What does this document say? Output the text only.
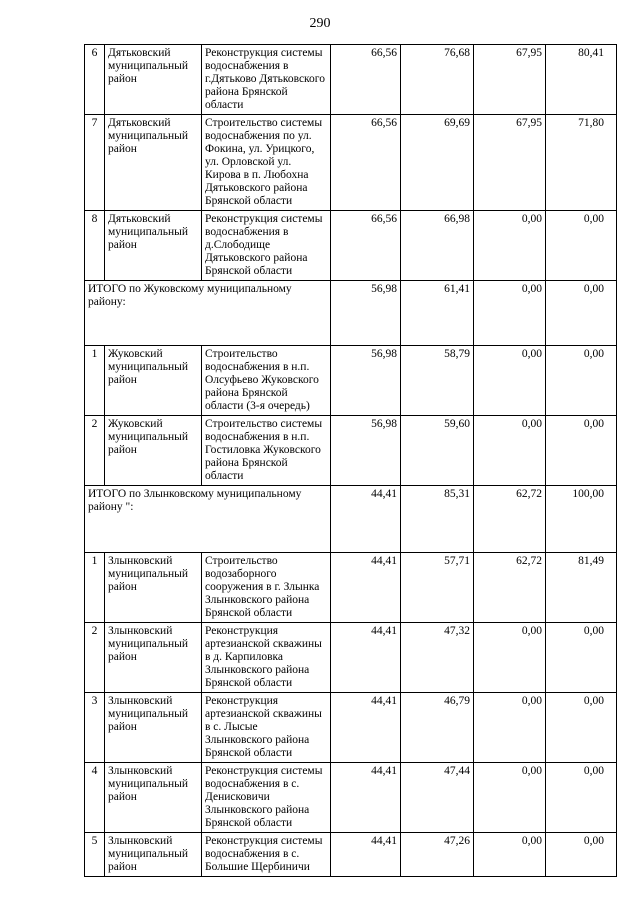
290
6	Дятьковский муниципальный район	Реконструкция системы водоснабжения в г.Дятьково Дятьковского района Брянской области	66,56	76,68	67,95	80,41
7	Дятьковский муниципальный район	Строительство системы водоснабжения по ул. Фокина, ул. Урицкого, ул. Орловской ул. Кирова в п. Любохна Дятьковского района Брянской области	66,56	69,69	67,95	71,80
8	Дятьковский муниципальный район	Реконструкция системы водоснабжения в д.Слободище Дятьковского района Брянской области	66,56	66,98	0,00	0,00
ИТОГО по Жуковскому муниципальному району:			56,98	61,41	0,00	0,00
1	Жуковский муниципальный район	Строительство водоснабжения в н.п. Олсуфьево Жуковского района Брянской области (3-я очередь)	56,98	58,79	0,00	0,00
2	Жуковский муниципальный район	Строительство системы водоснабжения в н.п. Гостиловка Жуковского района Брянской области	56,98	59,60	0,00	0,00
ИТОГО по Злынковскому муниципальному району ":			44,41	85,31	62,72	100,00
1	Злынковский муниципальный район	Строительство водозаборного сооружения в г. Злынка Злынковского района Брянской области	44,41	57,71	62,72	81,49
2	Злынковский муниципальный район	Реконструкция артезианской скважины в д. Карпиловка Злынковского района Брянской области	44,41	47,32	0,00	0,00
3	Злынковский муниципальный район	Реконструкция артезианской скважины в с. Лысые Злынковского района Брянской области	44,41	46,79	0,00	0,00
4	Злынковский муниципальный район	Реконструкция системы водоснабжения в с. Денисковичи Злынковского района Брянской области	44,41	47,44	0,00	0,00
5	Злынковский муниципальный район	Реконструкция системы водоснабжения в с. Большие Щербиничи	44,41	47,26	0,00	0,00
